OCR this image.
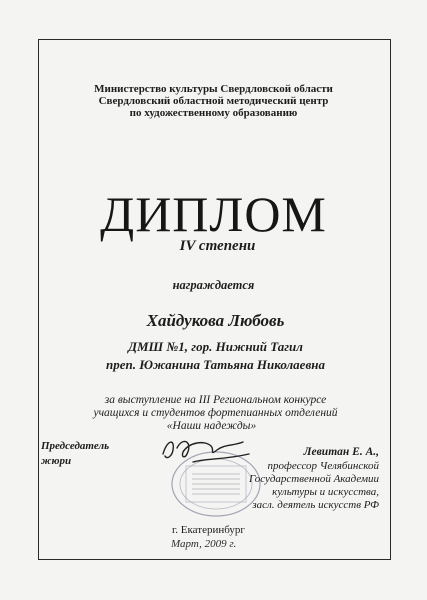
Министерство культуры Свердловской области
Свердловский областной методический центр
по художественному образованию
ДИПЛОМ
IV степени
награждается
Хайдукова Любовь
ДМШ №1, гор. Нижний Тагил
преп. Южанина Татьяна Николаевна
за выступление на III Региональном конкурсе
учащихся и студентов фортепианных отделений
«Наши надежды»
Председатель
жюри
Левитан Е. А.,
профессор Челябинской
Государственной Академии
культуры и искусства,
засл. деятель искусств РФ
г. Екатеринбург
Март, 2009 г.
